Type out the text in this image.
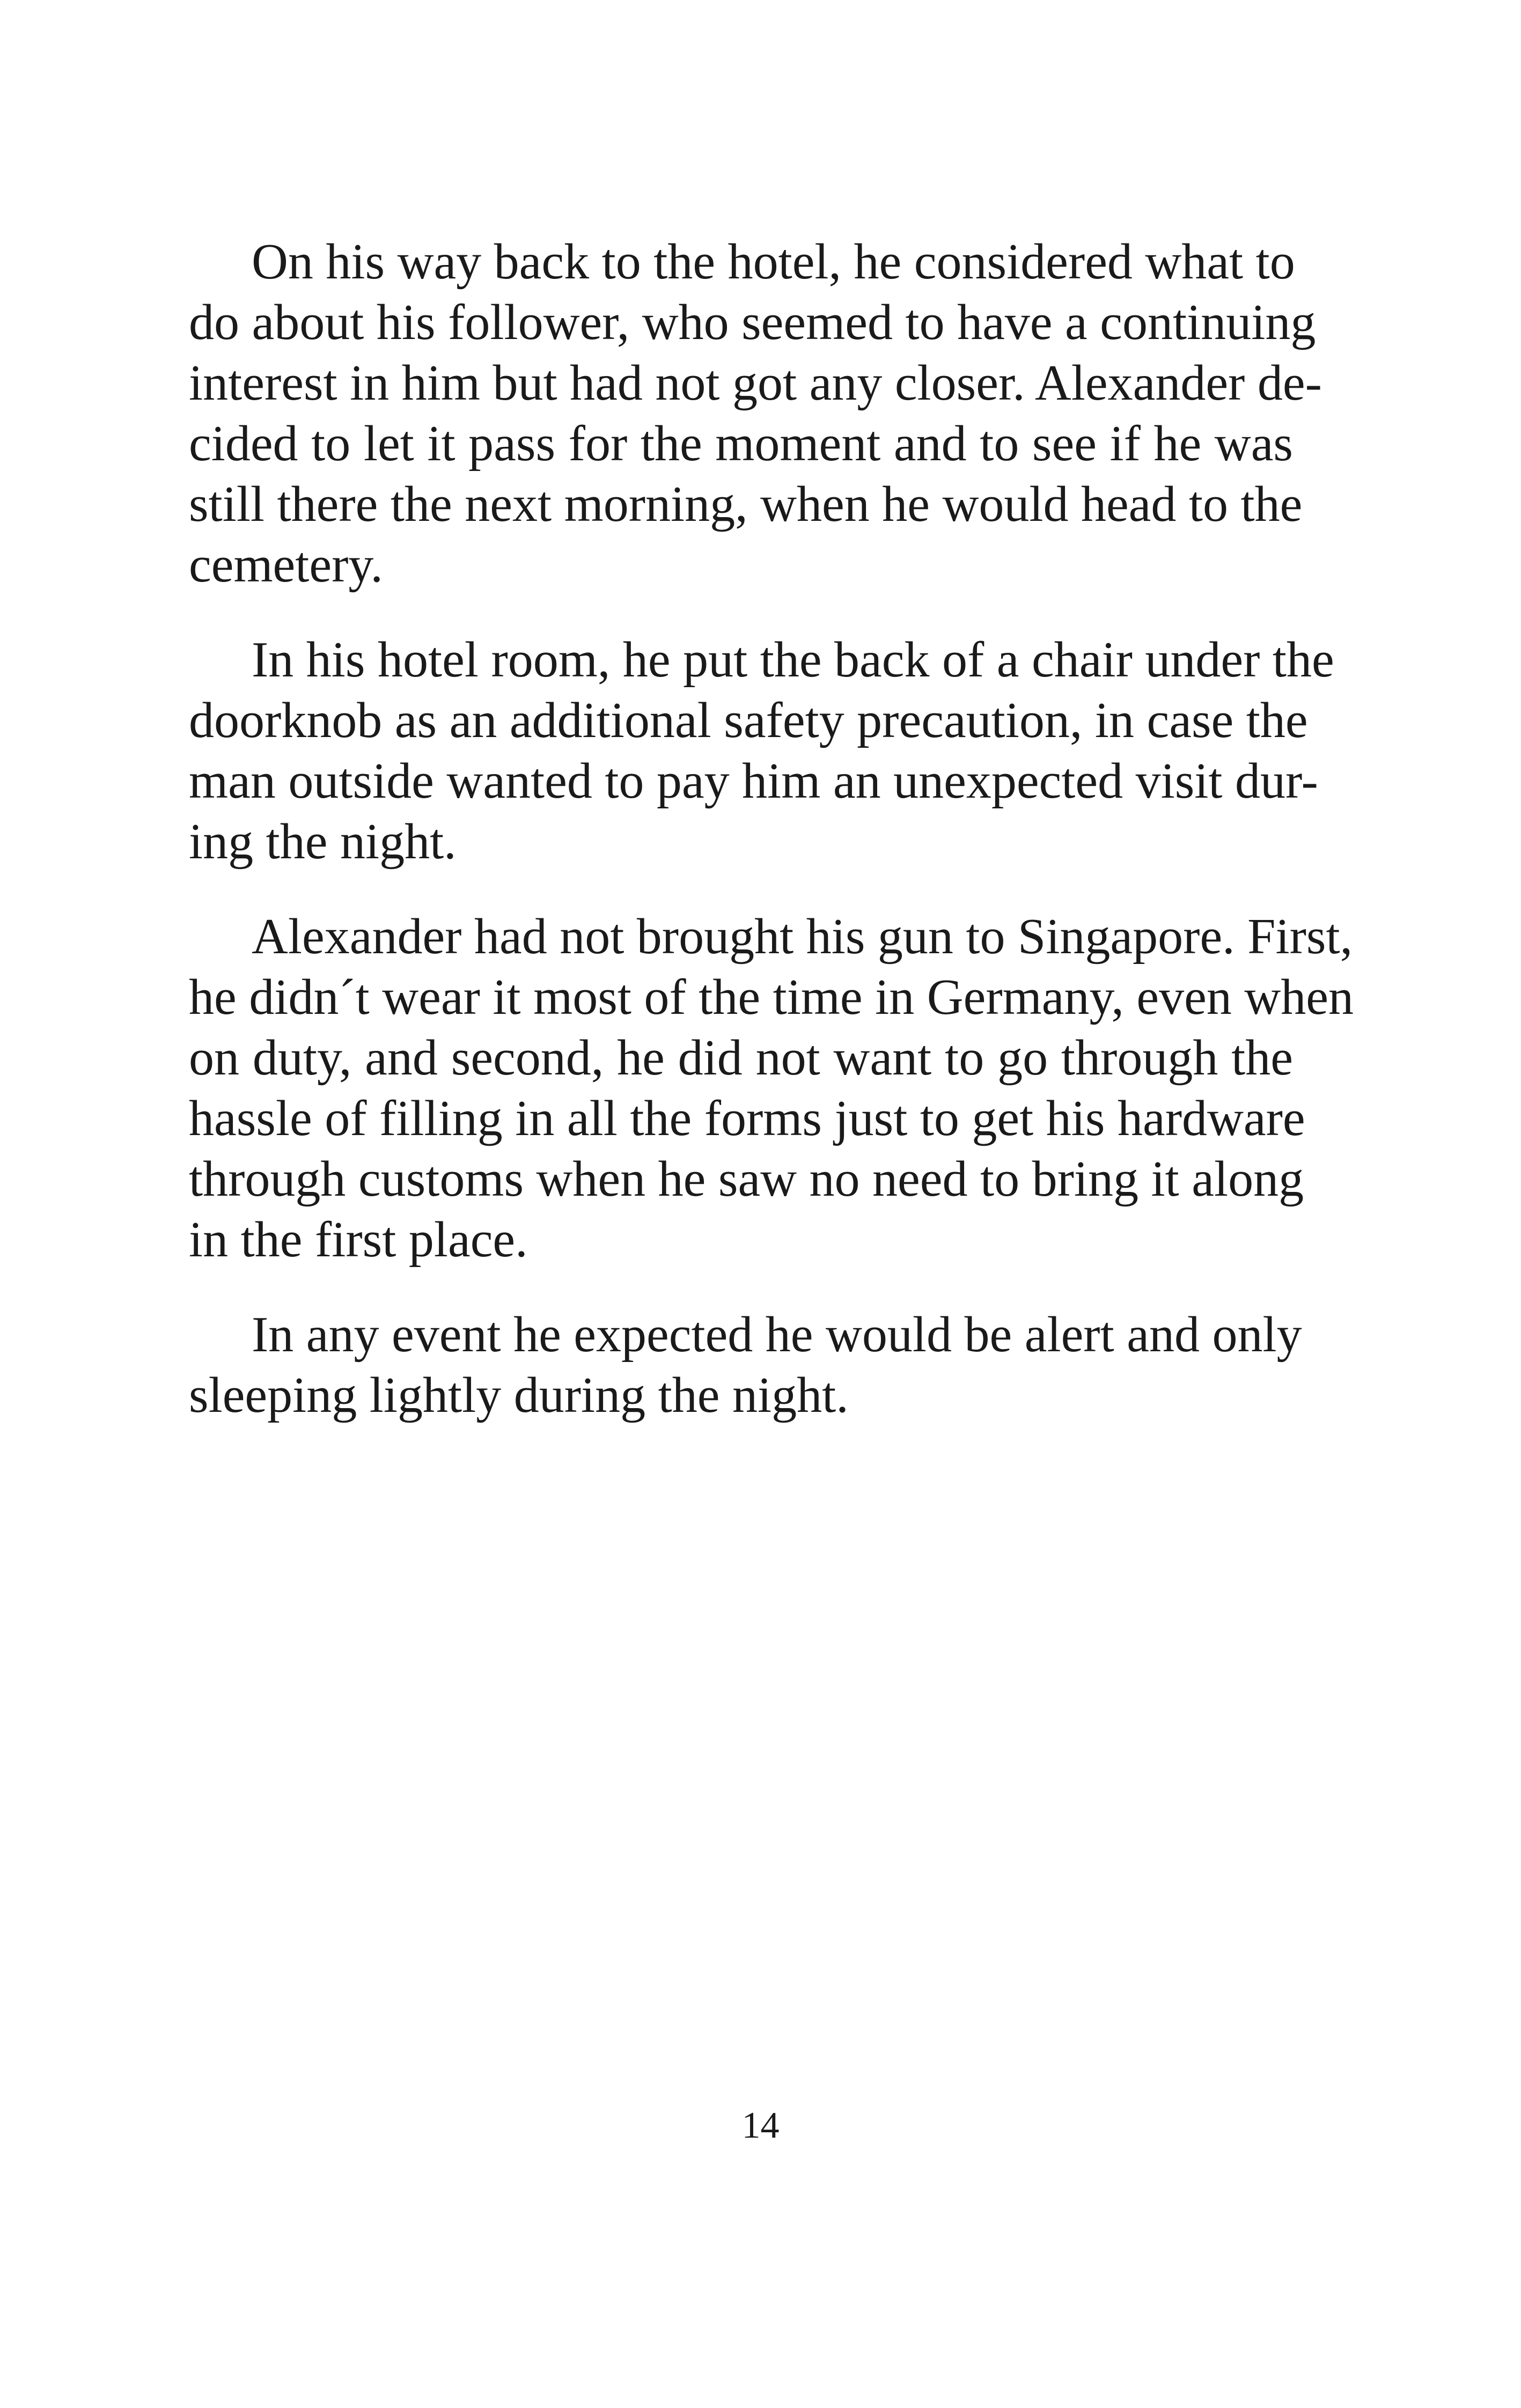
On his way back to the hotel, he considered what to
do about his follower, who seemed to have a continuing
interest in him but had not got any closer. Alexander de-
cided to let it pass for the moment and to see if he was
still there the next morning, when he would head to the
cemetery.
In his hotel room, he put the back of a chair under the
doorknob as an additional safety precaution, in case the
man outside wanted to pay him an unexpected visit dur-
ing the night.
Alexander had not brought his gun to Singapore. First,
he didn´t wear it most of the time in Germany, even when
on duty, and second, he did not want to go through the
hassle of filling in all the forms just to get his hardware
through customs when he saw no need to bring it along
in the first place.
In any event he expected he would be alert and only
sleeping lightly during the night.
14
